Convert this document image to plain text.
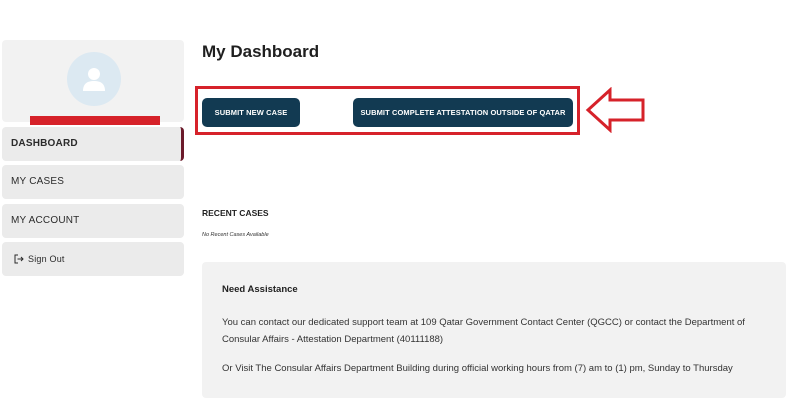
DASHBOARD
MY CASES
MY ACCOUNT
Sign Out
My Dashboard
SUBMIT NEW CASE	SUBMIT COMPLETE ATTESTATION OUTSIDE OF QATAR
RECENT CASES
No Recent Cases Available
Need Assistance
You can contact our dedicated support team at 109 Qatar Government Contact Center (QGCC) or contact the Department of Consular Affairs - Attestation Department (40111188)
Or Visit The Consular Affairs Department Building during official working hours from (7) am to (1) pm, Sunday to Thursday
